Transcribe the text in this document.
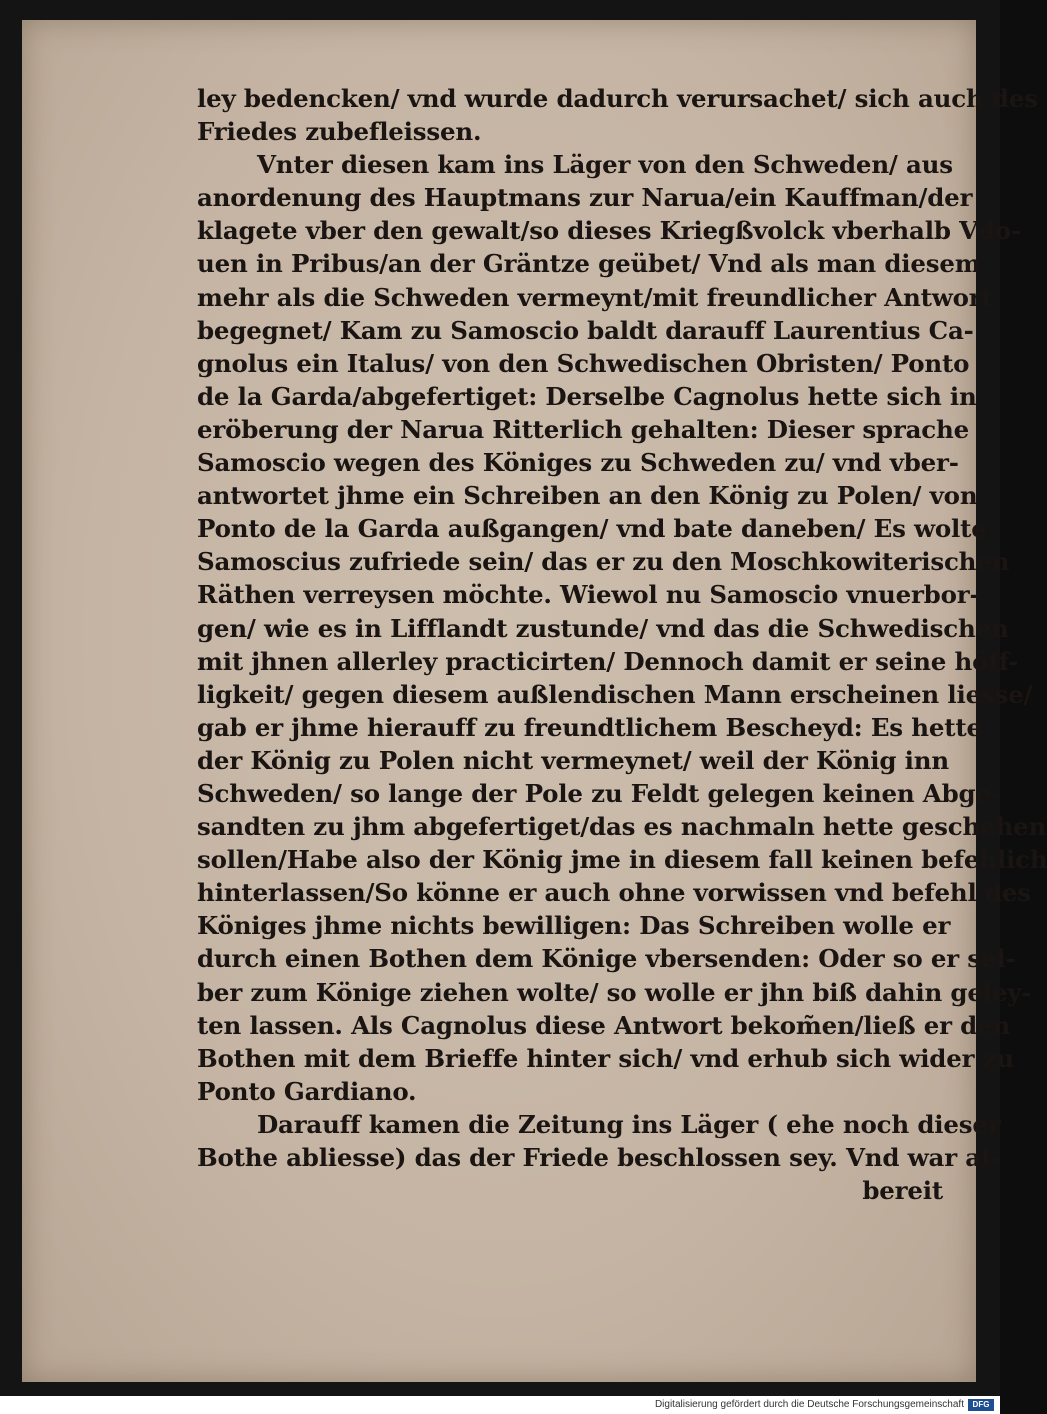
ley bedencken/ vnd wurde dadurch verursachet/ sich auch des
Friedes zubefleissen.
Vnter diesen kam ins Läger von den Schweden/ aus
anordenung des Hauptmans zur Narua/ein Kauffman/der
klagete vber den gewalt/so dieses Kriegßvolck vberhalb Vdo-
uen in Pribus/an der Gräntze geübet/ Vnd als man diesem
mehr als die Schweden vermeynt/mit freundlicher Antwort
begegnet/ Kam zu Samoscio baldt darauff Laurentius Ca-
gnolus ein Italus/ von den Schwedischen Obristen/ Ponto
de la Garda/abgefertiget: Derselbe Cagnolus hette sich in
eröberung der Narua Ritterlich gehalten: Dieser sprache
Samoscio wegen des Königes zu Schweden zu/ vnd vber-
antwortet jhme ein Schreiben an den König zu Polen/ von
Ponto de la Garda außgangen/ vnd bate daneben/ Es wolte
Samoscius zufriede sein/ das er zu den Moschkowiterischen
Räthen verreysen möchte. Wiewol nu Samoscio vnuerbor-
gen/ wie es in Lifflandt zustunde/ vnd das die Schwedischen
mit jhnen allerley practicirten/ Dennoch damit er seine höff-
ligkeit/ gegen diesem außlendischen Mann erscheinen liesse/
gab er jhme hierauff zu freundtlichem Bescheyd: Es hette
der König zu Polen nicht vermeynet/ weil der König inn
Schweden/ so lange der Pole zu Feldt gelegen keinen Abge-
sandten zu jhm abgefertiget/das es nachmaln hette geschehen
sollen/Habe also der König jme in diesem fall keinen befehlich
hinterlassen/So könne er auch ohne vorwissen vnd befehl des
Königes jhme nichts bewilligen: Das Schreiben wolle er
durch einen Bothen dem Könige vbersenden: Oder so er sel-
ber zum Könige ziehen wolte/ so wolle er jhn biß dahin geley-
ten lassen. Als Cagnolus diese Antwort bekom̃en/ließ er den
Bothen mit dem Brieffe hinter sich/ vnd erhub sich wider zu
Ponto Gardiano.
Darauff kamen die Zeitung ins Läger ( ehe noch dieser
Bothe abliesse) das der Friede beschlossen sey. Vnd war al-
bereit
Digitalisierung gefördert durch die Deutsche Forschungsgemeinschaft	DFG
